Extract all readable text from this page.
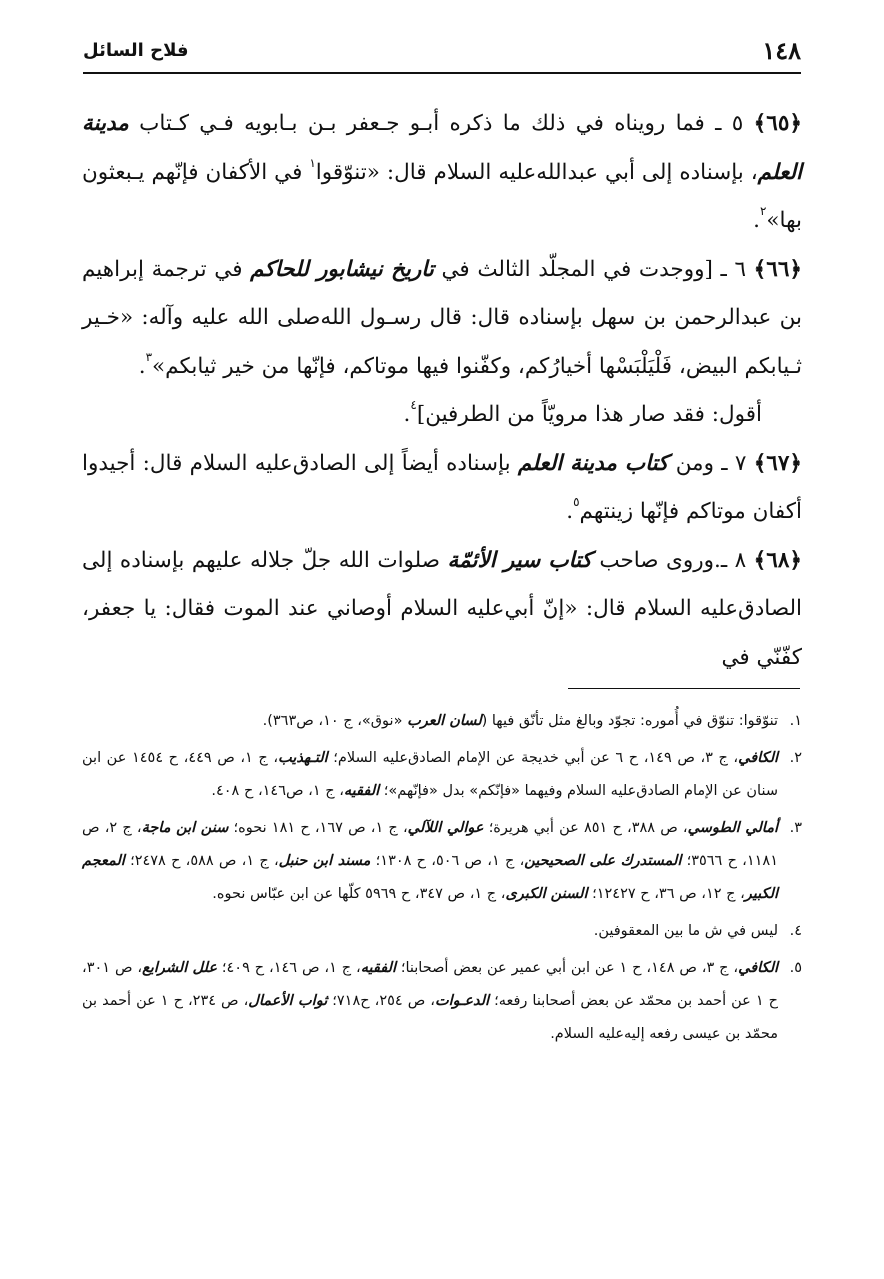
١٤٨
فلاح السائل

﴿٦٥﴾ ٥ ـ فما رويناه في ذلك ما ذكره أبـو جـعفر بـن بـابويه فـي كـتاب مدينة العلم، بإسناده إلى أبي عبدالله‌عليه السلام قال: «تنوّقوا$^١$ في الأكفان فإنّهم يـبعثون بها»$^٢$.

﴿٦٦﴾ ٦ ـ [ووجدت في المجلّد الثالث في تاريخ نيشابور للحاكم في ترجمة إبراهيم بن عبدالرحمن بن سهل بإسناده قال: قال رسـول الله‌صلى الله عليه وآله: «خـير ثـيابكم البيض، فَلْيَلْبَسْها أخيارُكم، وكفّنوا فيها موتاكم، فإنّها من خير ثيابكم»$^٣$.

أقول: فقد صار هذا مرويّاً من الطرفين]$^٤$.

﴿٦٧﴾ ٧ ـ ومن كتاب مدينة العلم بإسناده أيضاً إلى الصادق‌عليه السلام قال: أجيدوا أكفان موتاكم فإنّها زينتهم$^٥$.

﴿٦٨﴾ ٨ ـ.وروى صاحب كتاب سير الأئمّة صلوات الله جلّ جلاله عليهم بإسناده إلى الصادق‌عليه السلام قال: «إنّ أبي‌عليه السلام أوصاني عند الموت فقال: يا جعفر، كفّنّي في

١.
تنوّقوا: تنوّق في أُموره: تجوّد وبالغ مثل تأنّق فيها (لسان العرب «نوق»، ج ١٠، ص٣٦٣).

٢.
الكافي، ج ٣، ص ١٤٩، ح ٦ عن أبي خديجة عن الإمام الصادق‌عليه السلام؛ التـهذيب، ج ١، ص ٤٤٩، ح ١٤٥٤ عن ابن سنان عن الإمام الصادق‌عليه السلام وفيهما «فإنّكم» بدل «فإنّهم»؛ الفقيه، ج ١، ص١٤٦، ح ٤٠٨.

٣.
أمالي الطوسي، ص ٣٨٨، ح ٨٥١ عن أبي هريرة؛ عوالي اللآلي، ج ١، ص ١٦٧، ح ١٨١ نحوه؛ سنن ابن ماجة، ج ٢، ص ١١٨١، ح ٣٥٦٦؛ المستدرك على الصحيحين، ج ١، ص ٥٠٦، ح ١٣٠٨؛ مسند ابن حنبل، ج ١، ص ٥٨٨، ح ٢٤٧٨؛ المعجم الكبير، ج ١٢، ص ٣٦، ح ١٢٤٢٧؛ السنن الكبرى، ج ١، ص ٣٤٧، ح ٥٩٦٩ كلّها عن ابن عبّاس نحوه.

٤.
ليس في ش ما بين المعقوفين.

٥.
الكافي، ج ٣، ص ١٤٨، ح ١ عن ابن أبي عمير عن بعض أصحابنا؛ الفقيه، ج ١، ص ١٤٦، ح ٤٠٩؛ علل الشرايع، ص ٣٠١، ح ١ عن أحمد بن محمّد عن بعض أصحابنا رفعه؛ الدعـوات، ص ٢٥٤، ح٧١٨؛ ثواب الأعمال، ص ٢٣٤، ح ١ عن أحمد بن محمّد بن عيسى رفعه إليه‌عليه السلام.
